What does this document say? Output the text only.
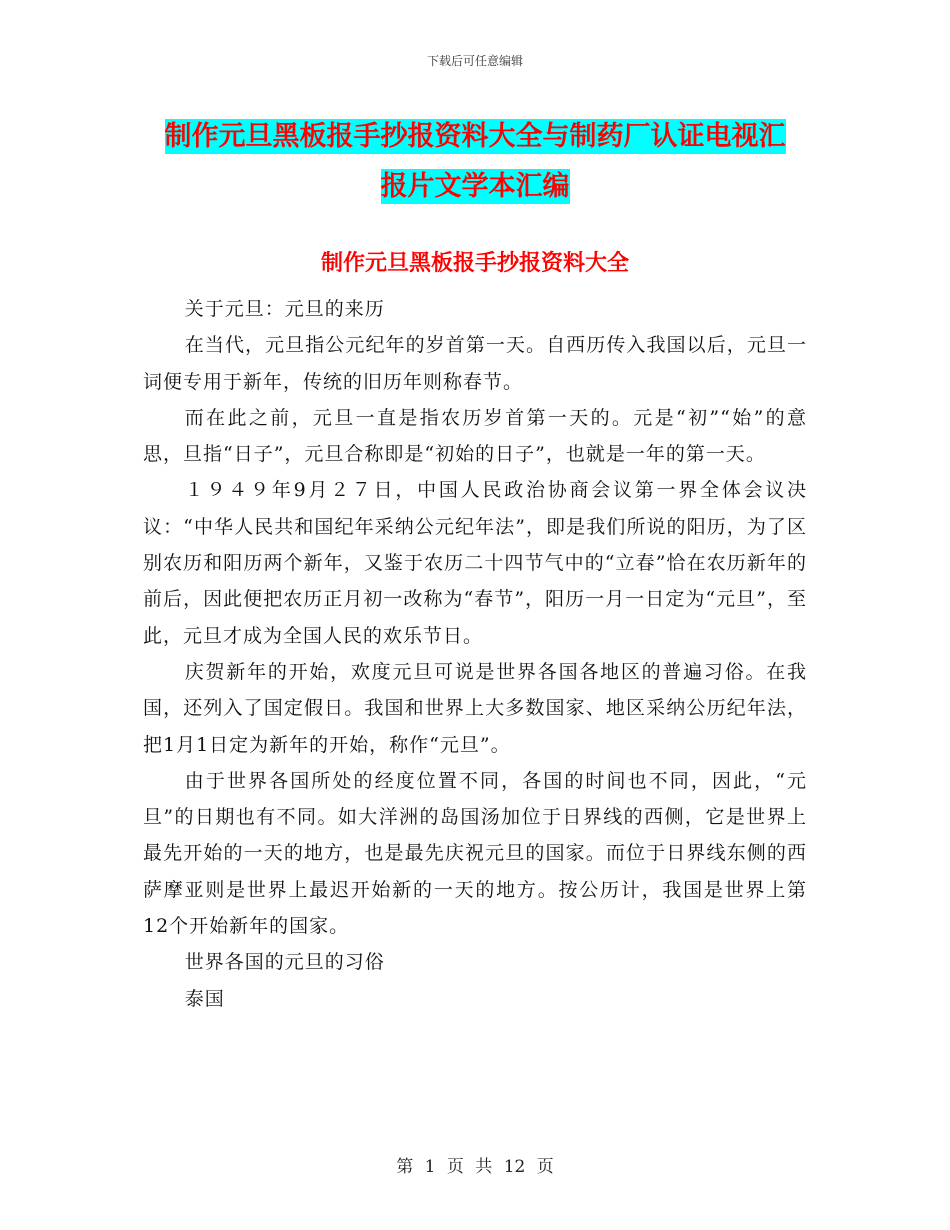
下载后可任意编辑
制作元旦黑板报手抄报资料大全与制药厂认证电视汇
报片文学本汇编
制作元旦黑板报手抄报资料大全

关于元旦：元旦的来历

在当代，元旦指公元纪年的岁首第一天。自西历传入我国以后，元旦一词便专用于新年，传统的旧历年则称春节。

而在此之前，元旦一直是指农历岁首第一天的。元是“初”“始”的意思，旦指“日子”，元旦合称即是“初始的日子”，也就是一年的第一天。

１９４９年9月２７日，中国人民政治协商会议第一界全体会议决议：“中华人民共和国纪年采纳公元纪年法”，即是我们所说的阳历，为了区别农历和阳历两个新年，又鉴于农历二十四节气中的“立春”恰在农历新年的前后，因此便把农历正月初一改称为“春节”，阳历一月一日定为“元旦”，至此，元旦才成为全国人民的欢乐节日。

庆贺新年的开始，欢度元旦可说是世界各国各地区的普遍习俗。在我国，还列入了国定假日。我国和世界上大多数国家、地区采纳公历纪年法，把1月1日定为新年的开始，称作“元旦”。

由于世界各国所处的经度位置不同，各国的时间也不同，因此，“元旦”的日期也有不同。如大洋洲的岛国汤加位于日界线的西侧，它是世界上最先开始的一天的地方，也是最先庆祝元旦的国家。而位于日界线东侧的西萨摩亚则是世界上最迟开始新的一天的地方。按公历计，我国是世界上第12个开始新年的国家。

世界各国的元旦的习俗

泰国

第 1 页 共 12 页
